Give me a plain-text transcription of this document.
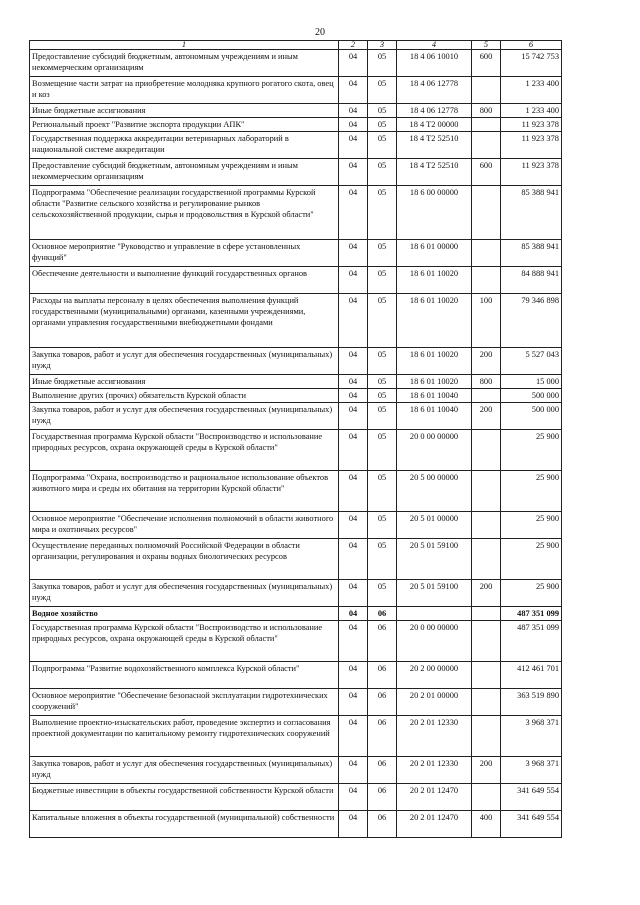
20
1	2	3	4	5	6
Предоставление субсидий бюджетным, автономным учреждениям и иным некоммерческим организациям	04	05	18 4 06 10010	600	15 742 753
Возмещение части затрат на приобретение молодняка крупного рогатого скота, овец и коз	04	05	18 4 06 12778		1 233 400
Иные бюджетные ассигнования	04	05	18 4 06 12778	800	1 233 400
Региональный проект "Развитие экспорта продукции АПК"	04	05	18 4 T2 00000		11 923 378
Государственная поддержка аккредитации ветеринарных лабораторий в национальной системе аккредитации	04	05	18 4 T2 52510		11 923 378
Предоставление субсидий бюджетным, автономным учреждениям и иным некоммерческим организациям	04	05	18 4 T2 52510	600	11 923 378
Подпрограмма "Обеспечение реализации государственной программы Курской области "Развитие сельского хозяйства и регулирование рынков сельскохозяйственной продукции, сырья и продовольствия в Курской области"	04	05	18 6 00 00000		85 388 941
Основное мероприятие "Руководство и управление в сфере установленных функций"	04	05	18 6 01 00000		85 388 941
Обеспечение деятельности и выполнение функций государственных органов	04	05	18 6 01 10020		84 888 941
Расходы на выплаты персоналу в целях обеспечения выполнения функций государственными (муниципальными) органами, казенными учреждениями, органами управления государственными внебюджетными фондами	04	05	18 6 01 10020	100	79 346 898
Закупка товаров, работ и услуг для обеспечения государственных (муниципальных) нужд	04	05	18 6 01 10020	200	5 527 043
Иные бюджетные ассигнования	04	05	18 6 01 10020	800	15 000
Выполнение других (прочих) обязательств Курской области	04	05	18 6 01 10040		500 000
Закупка товаров, работ и услуг для обеспечения государственных (муниципальных) нужд	04	05	18 6 01 10040	200	500 000
Государственная программа Курской области "Воспроизводство и использование природных ресурсов, охрана окружающей среды в Курской области"	04	05	20 0 00 00000		25 900
Подпрограмма "Охрана, воспроизводство и рациональное использование объектов животного мира и среды их обитания на территории Курской области"	04	05	20 5 00 00000		25 900
Основное мероприятие "Обеспечение исполнения полномочий в области животного мира и охотничьих ресурсов"	04	05	20 5 01 00000		25 900
Осуществление переданных полномочий Российской Федерации в области организации, регулирования и охраны водных биологических ресурсов	04	05	20 5 01 59100		25 900
Закупка товаров, работ и услуг для обеспечения государственных (муниципальных) нужд	04	05	20 5 01 59100	200	25 900
Водное хозяйство	04	06			487 351 099
Государственная программа Курской области "Воспроизводство и использование природных ресурсов, охрана окружающей среды в Курской области"	04	06	20 0 00 00000		487 351 099
Подпрограмма "Развитие водохозяйственного комплекса Курской области"	04	06	20 2 00 00000		412 461 701
Основное мероприятие "Обеспечение безопасной эксплуатации гидротехнических сооружений"	04	06	20 2 01 00000		363 519 890
Выполнение проектно-изыскательских работ, проведение экспертиз и согласования проектной документации по капитальному ремонту гидротехнических сооружений	04	06	20 2 01 12330		3 968 371
Закупка товаров, работ и услуг для обеспечения государственных (муниципальных) нужд	04	06	20 2 01 12330	200	3 968 371
Бюджетные инвестиции в объекты государственной собственности Курской области	04	06	20 2 01 12470		341 649 554
Капитальные вложения в объекты государственной (муниципальной) собственности	04	06	20 2 01 12470	400	341 649 554
